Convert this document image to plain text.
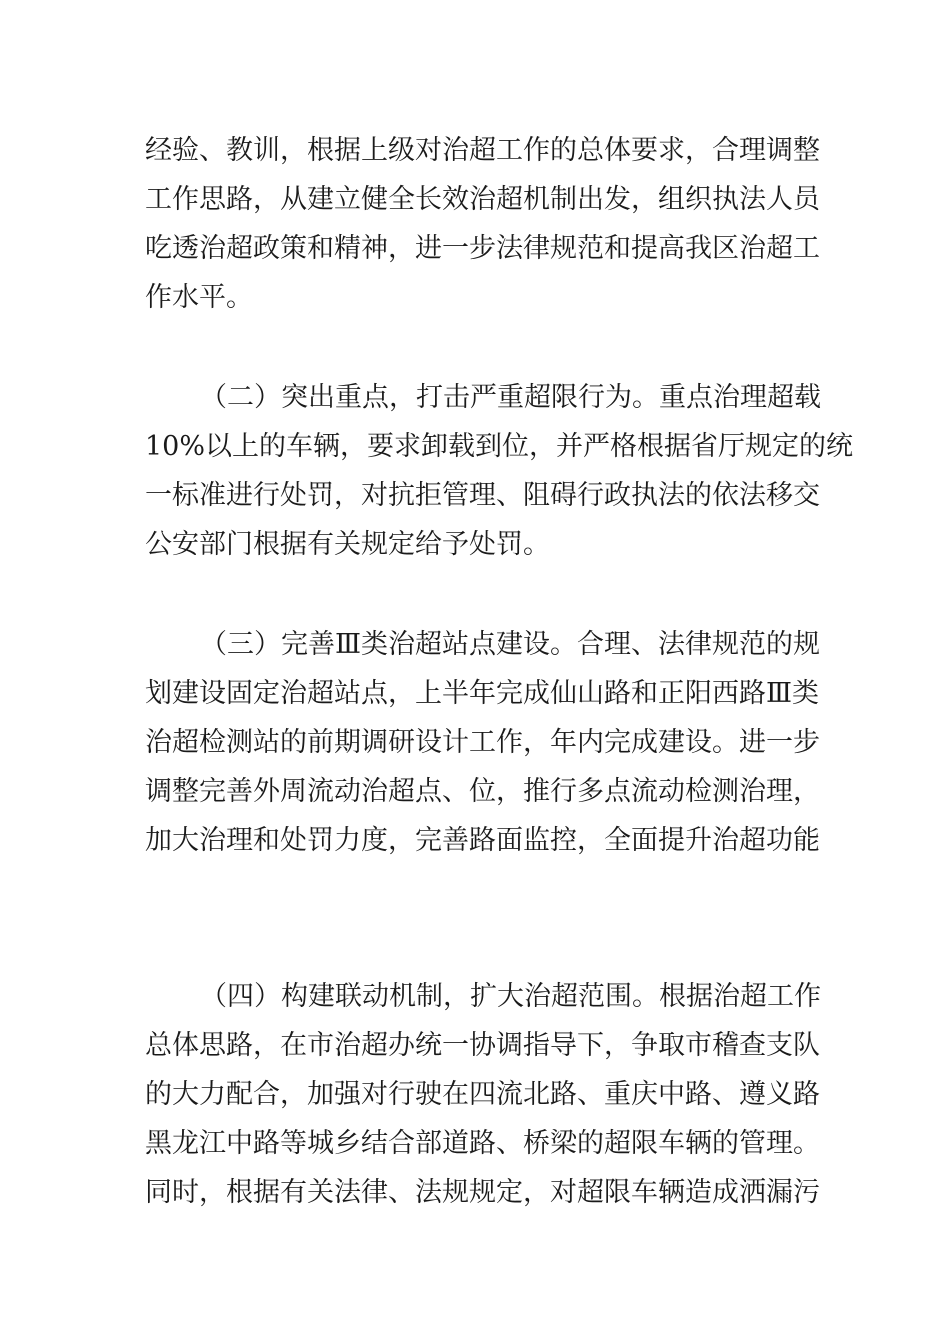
经验、教训，根据上级对治超工作的总体要求，合理调整
工作思路，从建立健全长效治超机制出发，组织执法人员
吃透治超政策和精神，进一步法律规范和提高我区治超工
作水平。
（二）突出重点，打击严重超限行为。重点治理超载
10%以上的车辆，要求卸载到位，并严格根据省厅规定的统
一标准进行处罚，对抗拒管理、阻碍行政执法的依法移交
公安部门根据有关规定给予处罚。
（三）完善Ⅲ类治超站点建设。合理、法律规范的规
划建设固定治超站点，上半年完成仙山路和正阳西路Ⅲ类
治超检测站的前期调研设计工作，年内完成建设。进一步
调整完善外周流动治超点、位，推行多点流动检测治理，
加大治理和处罚力度，完善路面监控，全面提升治超功能
（四）构建联动机制，扩大治超范围。根据治超工作
总体思路，在市治超办统一协调指导下，争取市稽查支队
的大力配合，加强对行驶在四流北路、重庆中路、遵义路
黑龙江中路等城乡结合部道路、桥梁的超限车辆的管理。
同时，根据有关法律、法规规定，对超限车辆造成洒漏污
